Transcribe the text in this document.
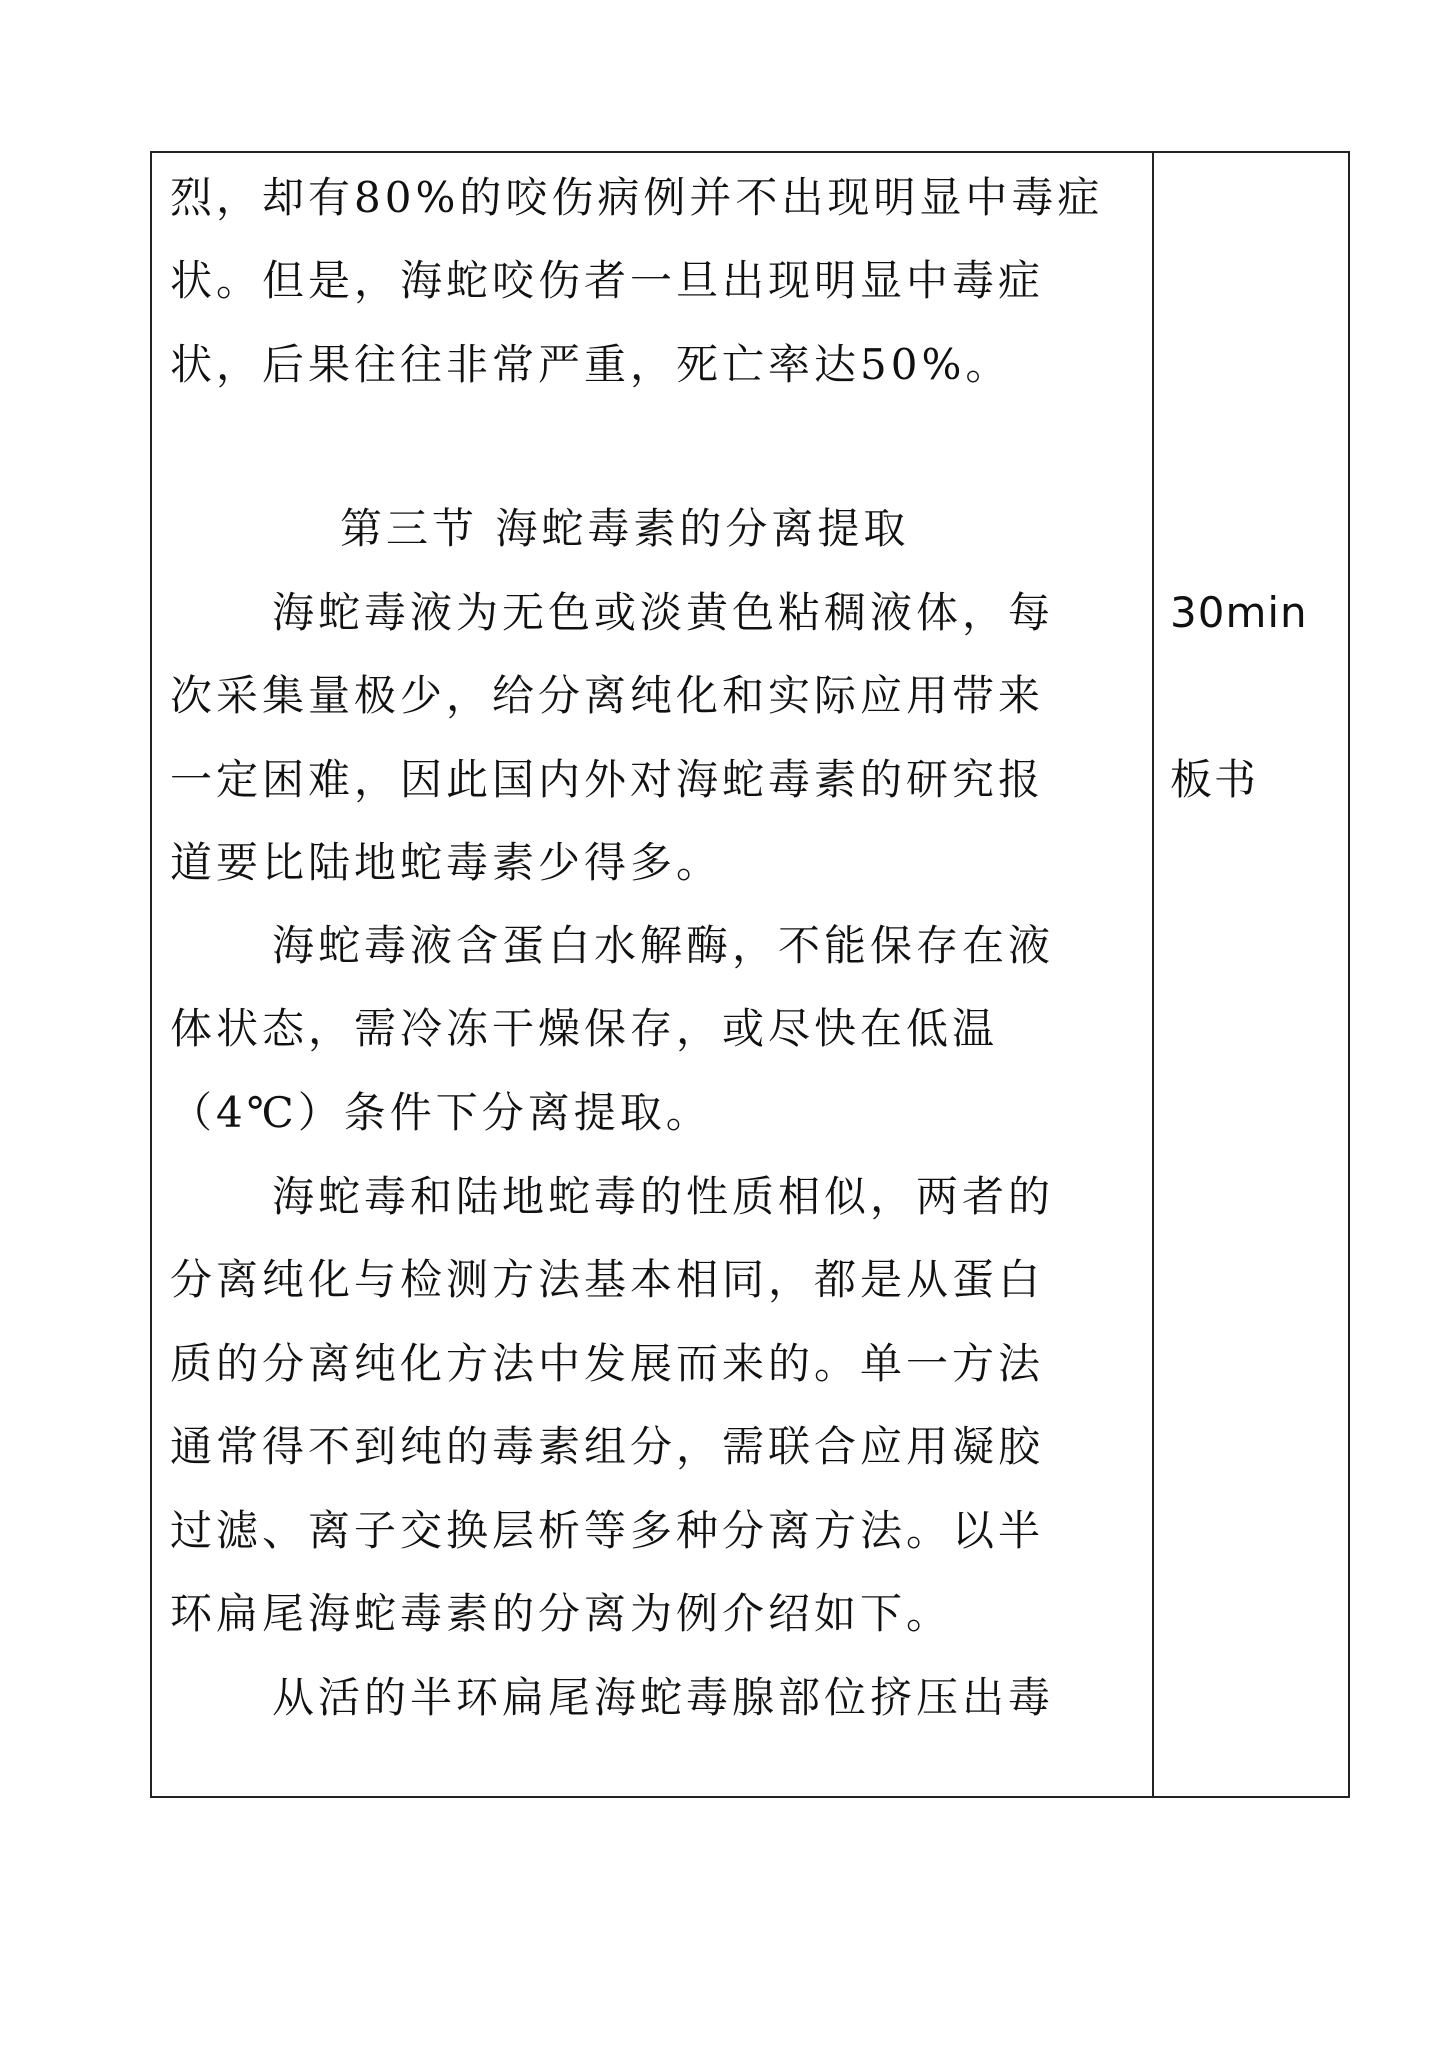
烈，却有80%的咬伤病例并不出现明显中毒症
状。但是，海蛇咬伤者一旦出现明显中毒症
状，后果往往非常严重，死亡率达50%。
第三节 海蛇毒素的分离提取
海蛇毒液为无色或淡黄色粘稠液体，每
次采集量极少，给分离纯化和实际应用带来
一定困难，因此国内外对海蛇毒素的研究报
道要比陆地蛇毒素少得多。
海蛇毒液含蛋白水解酶，不能保存在液
体状态，需冷冻干燥保存，或尽快在低温
（4℃）条件下分离提取。
海蛇毒和陆地蛇毒的性质相似，两者的
分离纯化与检测方法基本相同，都是从蛋白
质的分离纯化方法中发展而来的。单一方法
通常得不到纯的毒素组分，需联合应用凝胶
过滤、离子交换层析等多种分离方法。以半
环扁尾海蛇毒素的分离为例介绍如下。
从活的半环扁尾海蛇毒腺部位挤压出毒
30min
板书
